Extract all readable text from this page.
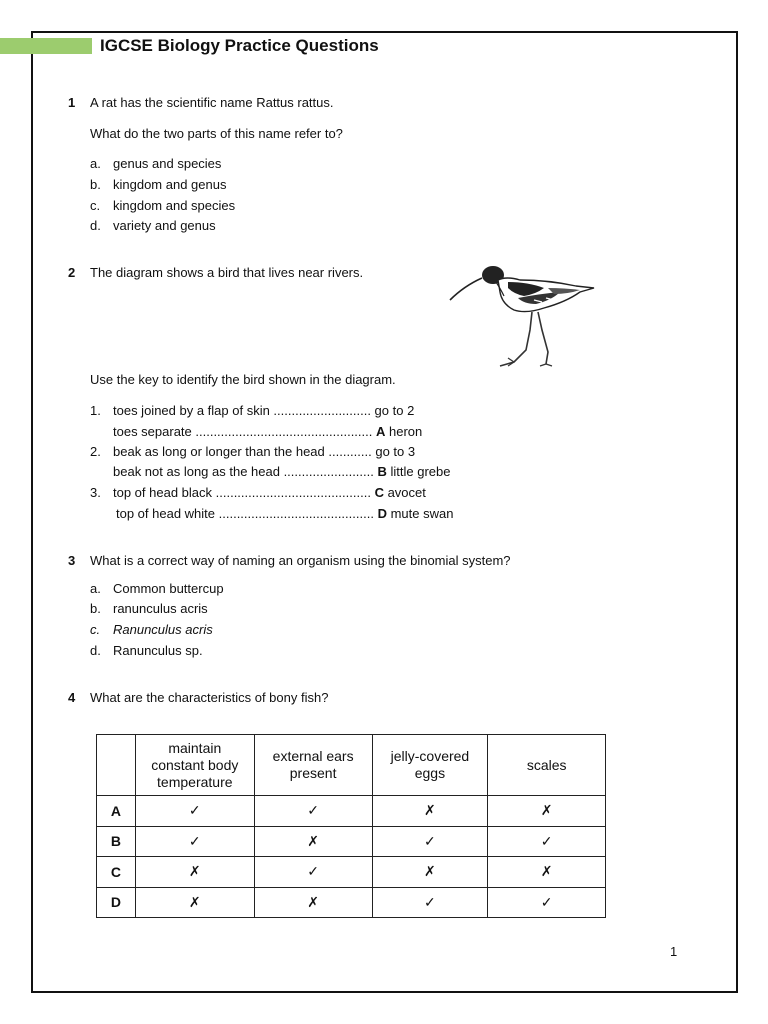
IGCSE Biology Practice Questions
1 A rat has the scientific name Rattus rattus.
What do the two parts of this name refer to?
a. genus and species
b. kingdom and genus
c. kingdom and species
d. variety and genus
2 The diagram shows a bird that lives near rivers.
Use the key to identify the bird shown in the diagram.
1. toes joined by a flap of skin ........................... go to 2
toes separate ................................................. A heron
2. beak as long or longer than the head ............ go to 3
beak not as long as the head ......................... B little grebe
3. top of head black ........................................... C avocet
top of head white ........................................... D mute swan
3 What is a correct way of naming an organism using the binomial system?
a. Common buttercup
b. ranunculus acris
c. Ranunculus acris
d. Ranunculus sp.
4 What are the characteristics of bony fish?
	maintain constant body temperature	external ears present	jelly-covered eggs	scales
A	✓	✓	✗	✗
B	✓	✗	✓	✓
C	✗	✓	✗	✗
D	✗	✗	✓	✓
1
